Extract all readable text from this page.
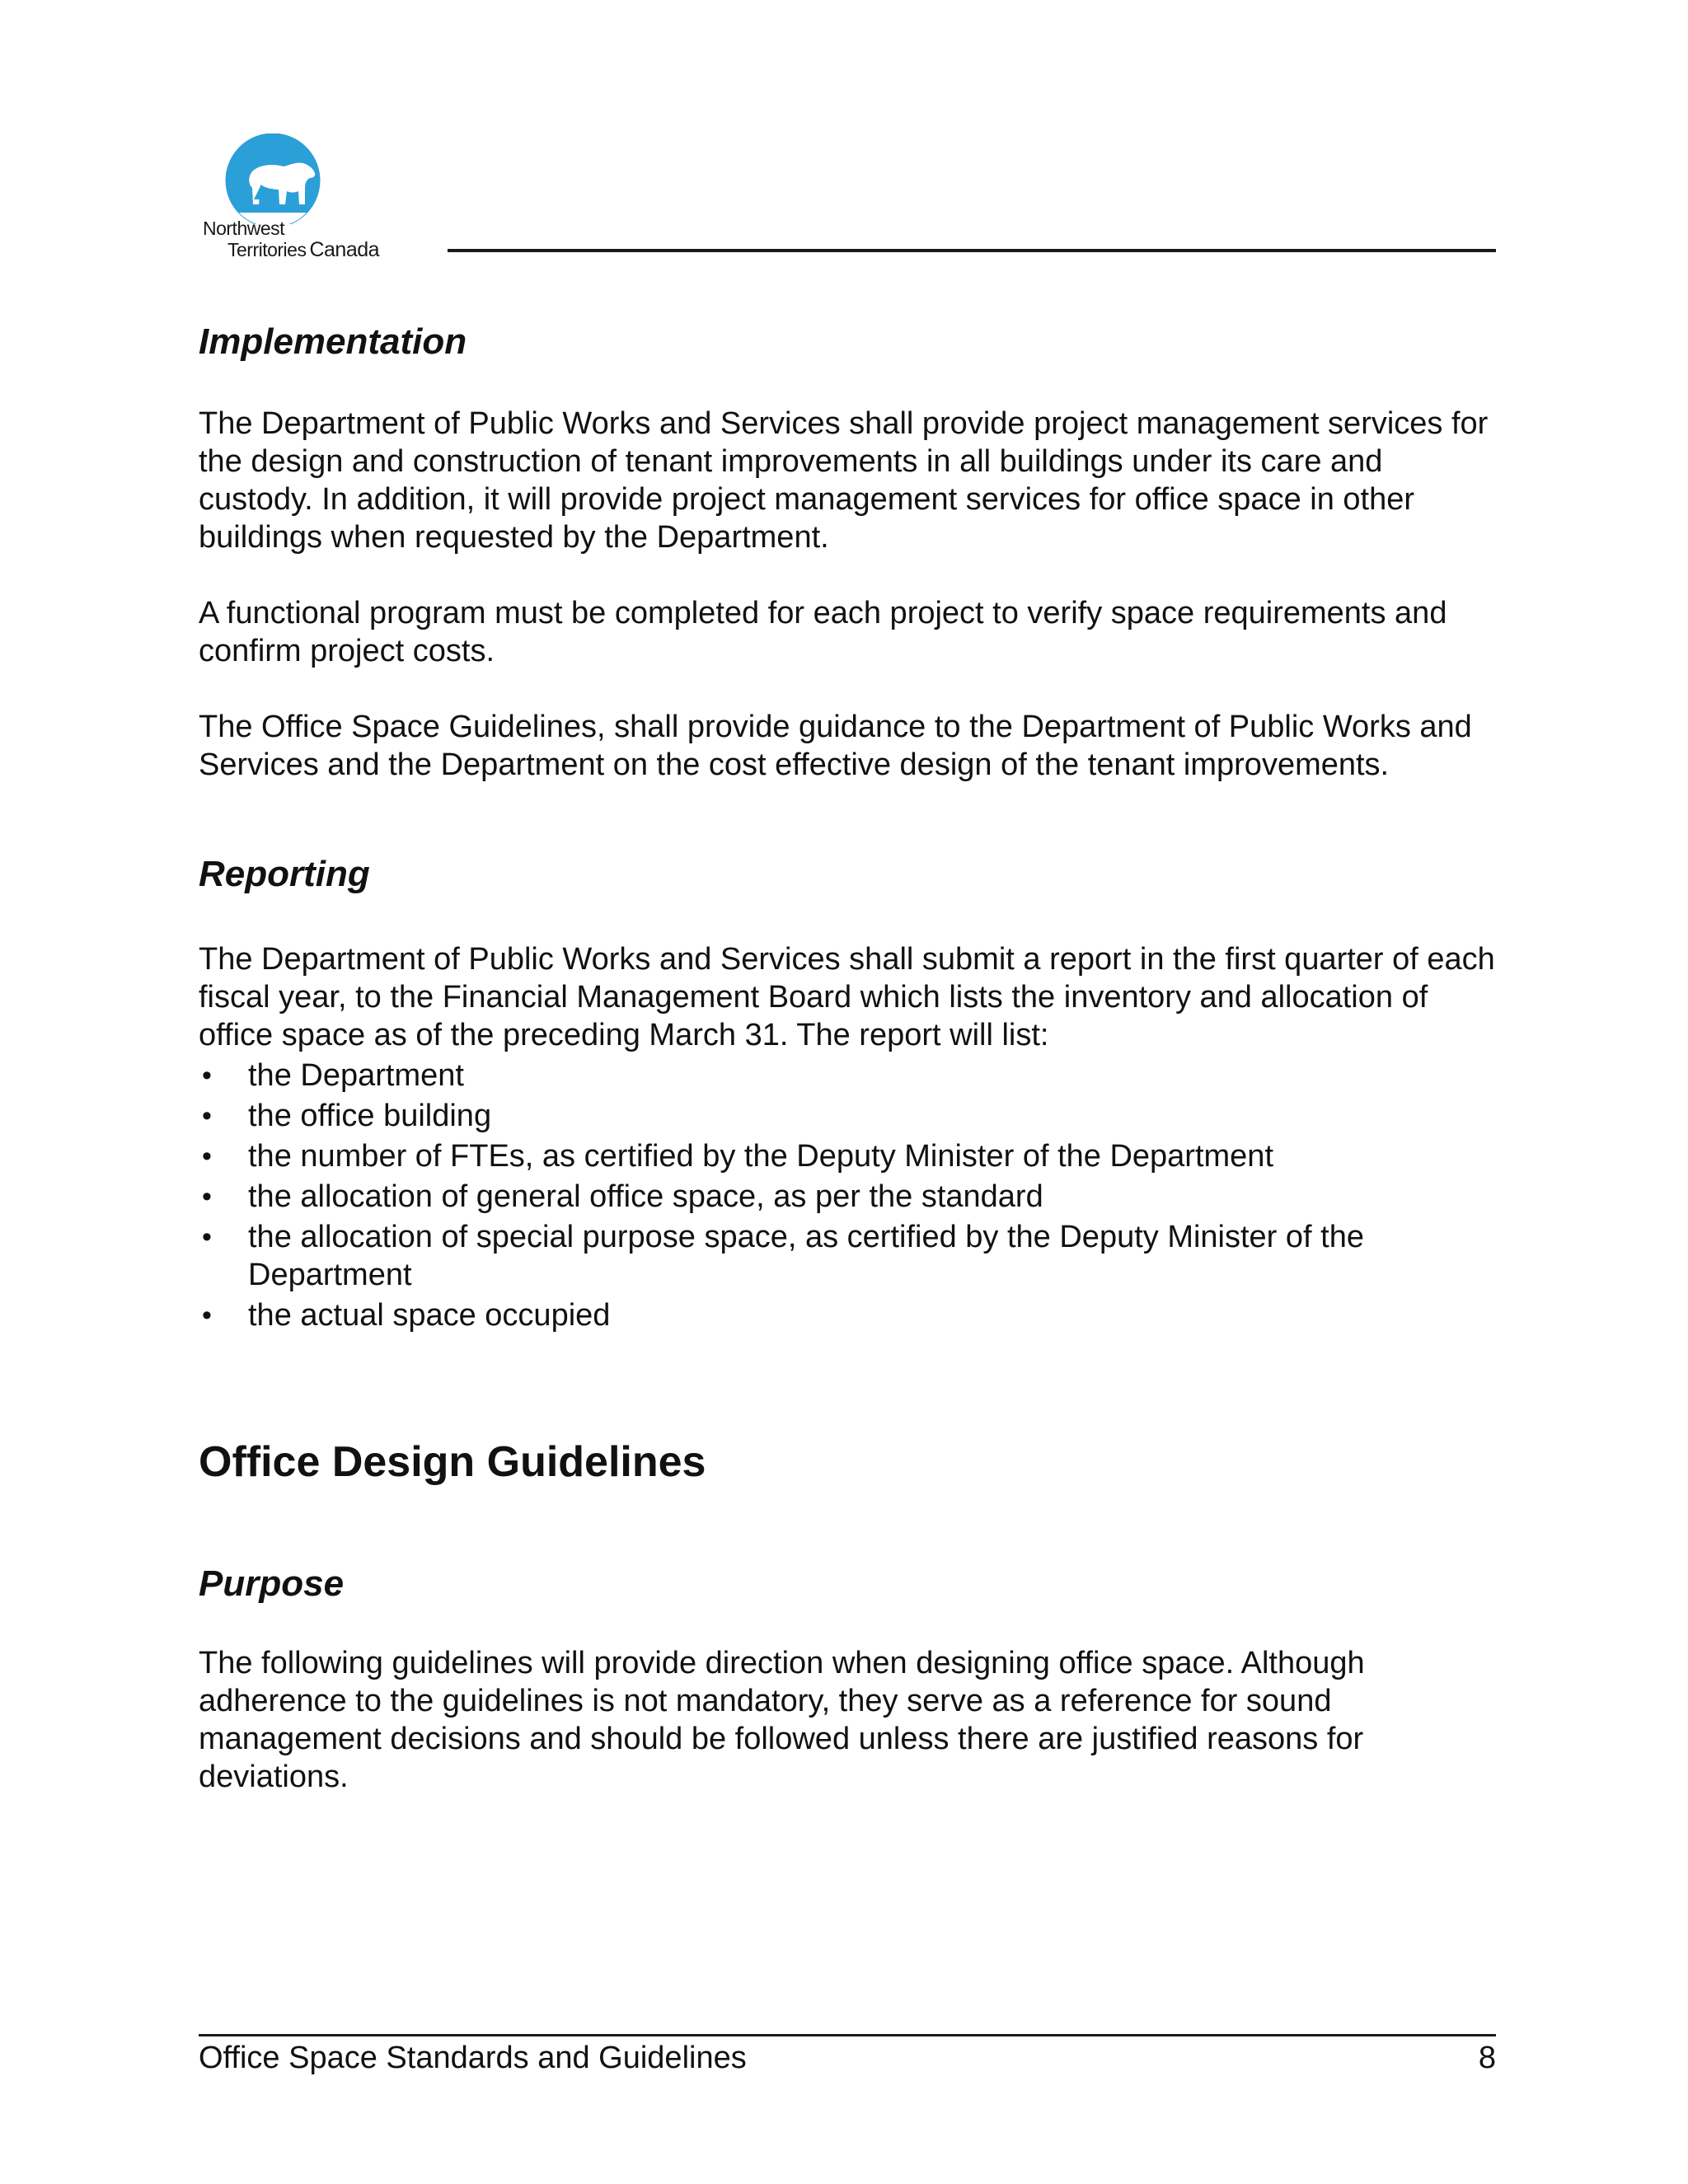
Northwest
Territories Canada
Implementation

The Department of Public Works and Services shall provide project management services for the design and construction of tenant improvements in all buildings under its care and custody. In addition, it will provide project management services for office space in other buildings when requested by the Department.

A functional program must be completed for each project to verify space requirements and confirm project costs.

The Office Space Guidelines, shall provide guidance to the Department of Public Works and Services and the Department on the cost effective design of the tenant improvements.

Reporting

The Department of Public Works and Services shall submit a report in the first quarter of each fiscal year, to the Financial Management Board which lists the inventory and allocation of office space as of the preceding March 31. The report will list:

• the Department
• the office building
• the number of FTEs, as certified by the Deputy Minister of the Department
• the allocation of general office space, as per the standard
• the allocation of special purpose space, as certified by the Deputy Minister of the Department
• the actual space occupied
Office Design Guidelines
Purpose

The following guidelines will provide direction when designing office space. Although adherence to the guidelines is not mandatory, they serve as a reference for sound management decisions and should be followed unless there are justified reasons for deviations.

Office Space Standards and Guidelines	8
